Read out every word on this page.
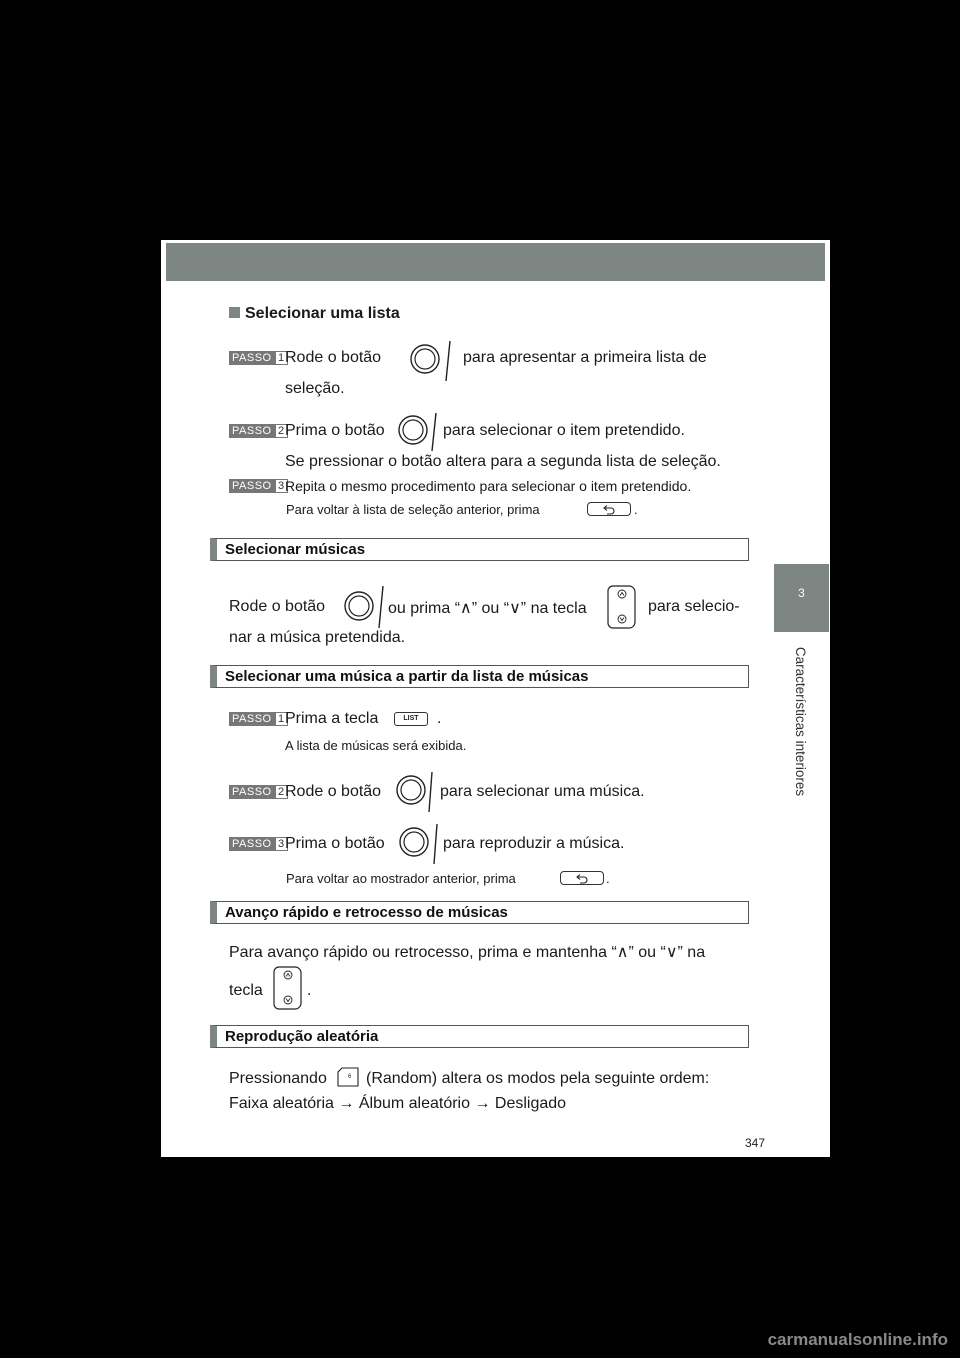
3
Características interiores
Selecionar uma lista
PASSO 1 Rode o botão	para apresentar a primeira lista de
seleção.
PASSO 2 Prima o botão	para selecionar o item pretendido.
Se pressionar o botão altera para a segunda lista de seleção.
PASSO 3 Repita o mesmo procedimento para selecionar o item pretendido.
Para voltar à lista de seleção anterior, prima	.
Selecionar músicas
Rode o botão	ou prima “∧” ou “∨” na tecla	para selecio-
nar a música pretendida.
Selecionar uma música a partir da lista de músicas
PASSO 1 Prima a tecla	LIST	.
A lista de músicas será exibida.
PASSO 2 Rode o botão	para selecionar uma música.
PASSO 3 Prima o botão	para reproduzir a música.
Para voltar ao mostrador anterior, prima	.
Avanço rápido e retrocesso de músicas
Para avanço rápido ou retrocesso, prima e mantenha “∧” ou “∨” na
tecla	.
Reprodução aleatória
Pressionando	6 (Random) altera os modos pela seguinte ordem:
Faixa aleatória → Álbum aleatório → Desligado
347
carmanualsonline.info
